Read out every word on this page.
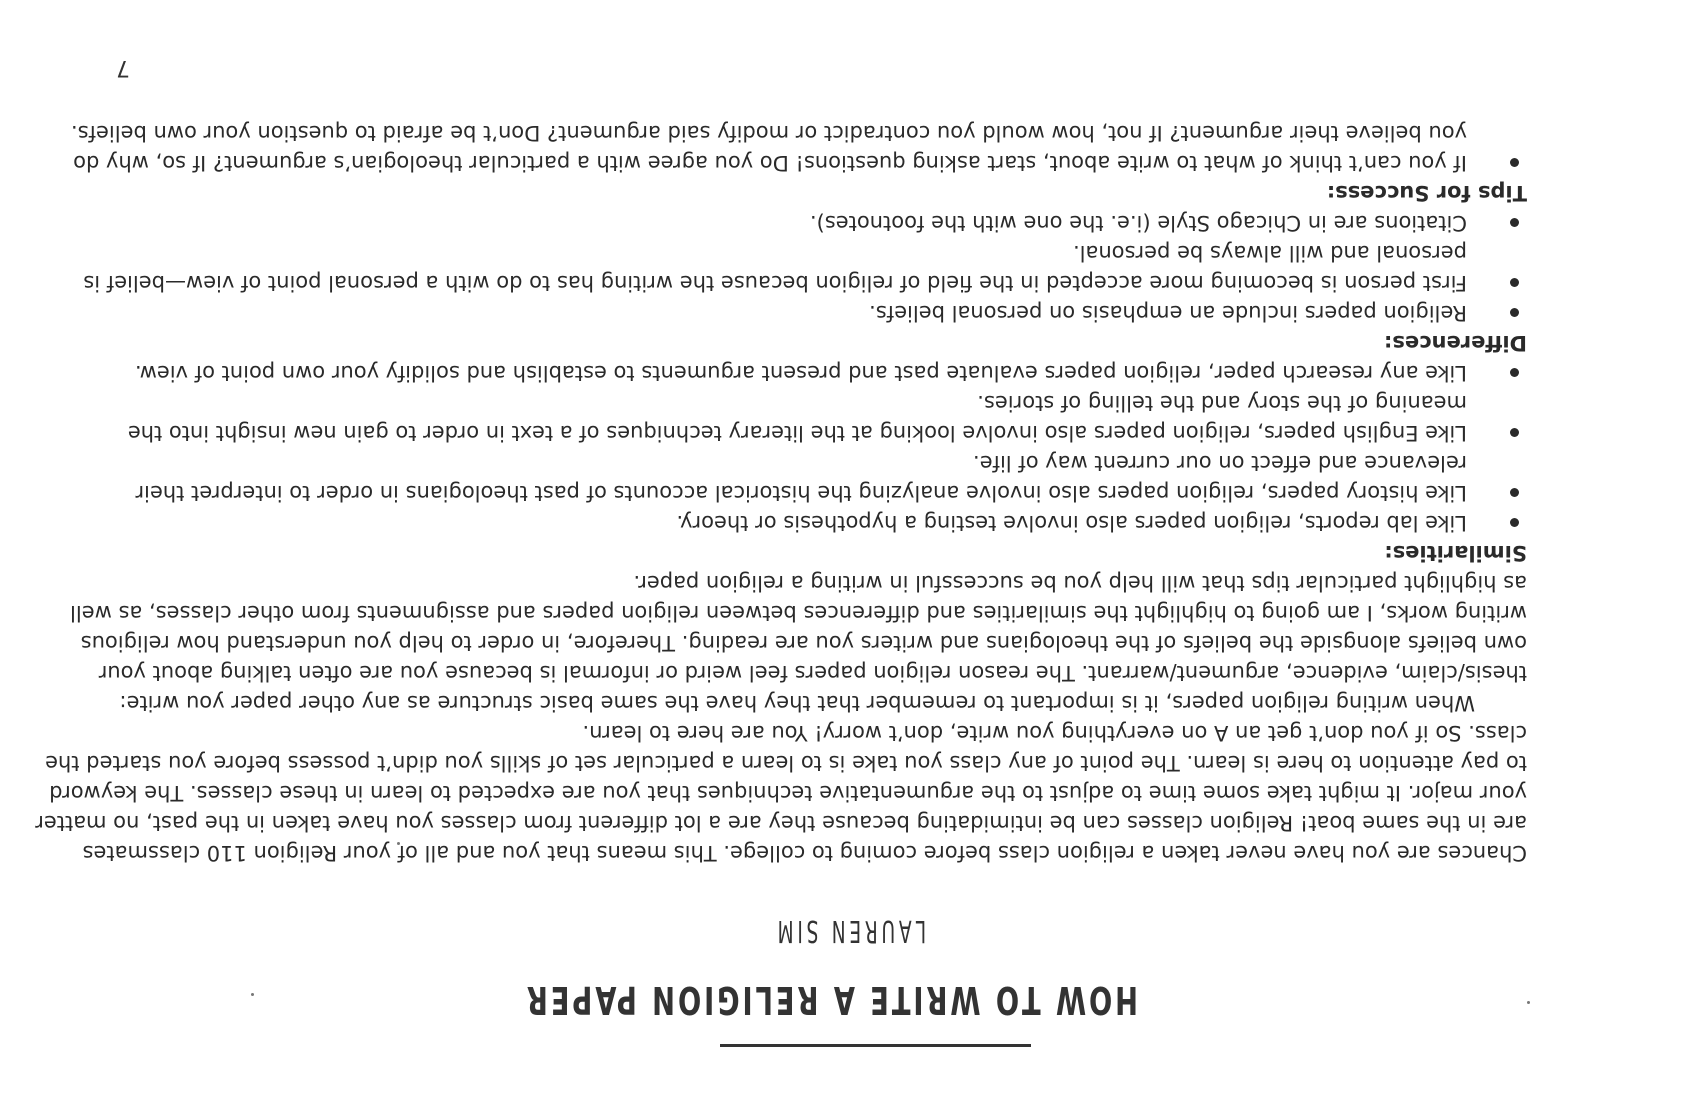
HOW TO WRITE A RELIGION PAPER
LAUREN SIM

Chances are you have never taken a religion class before coming to college. This means that you and all of your Religion 110 classmates
are in the same boat! Religion classes can be intimidating because they are a lot different from classes you have taken in the past, no matter
your major. It might take some time to adjust to the argumentative techniques that you are expected to learn in these classes. The keyword
to pay attention to here is learn. The point of any class you take is to learn a particular set of skills you didn’t possess before you started the
class. So if you don’t get an A on everything you write, don’t worry! You are here to learn.

When writing religion papers, it is important to remember that they have the same basic structure as any other paper you write:
thesis/claim, evidence, argument/warrant. The reason religion papers feel weird or informal is because you are often talking about your
own beliefs alongside the beliefs of the theologians and writers you are reading. Therefore, in order to help you understand how religious
writing works, I am going to highlight the similarities and differences between religion papers and assignments from other classes, as well
as highlight particular tips that will help you be successful in writing a religion paper.

Similarities:
Like lab reports, religion papers also involve testing a hypothesis or theory.
Like history papers, religion papers also involve analyzing the historical accounts of past theologians in order to interpret their
relevance and effect on our current way of life.
Like English papers, religion papers also involve looking at the literary techniques of a text in order to gain new insight into the
meaning of the story and the telling of stories.
Like any research paper, religion papers evaluate past and present arguments to establish and solidify your own point of view.
Differences:
Religion papers include an emphasis on personal beliefs.
First person is becoming more accepted in the field of religion because the writing has to do with a personal point of view—belief is
personal and will always be personal.
Citations are in Chicago Style (i.e. the one with the footnotes).
Tips for Success:
If you can’t think of what to write about, start asking questions! Do you agree with a particular theologian’s argument? If so, why do
you believe their argument? If not, how would you contradict or modify said argument? Don’t be afraid to question your own beliefs.
7
